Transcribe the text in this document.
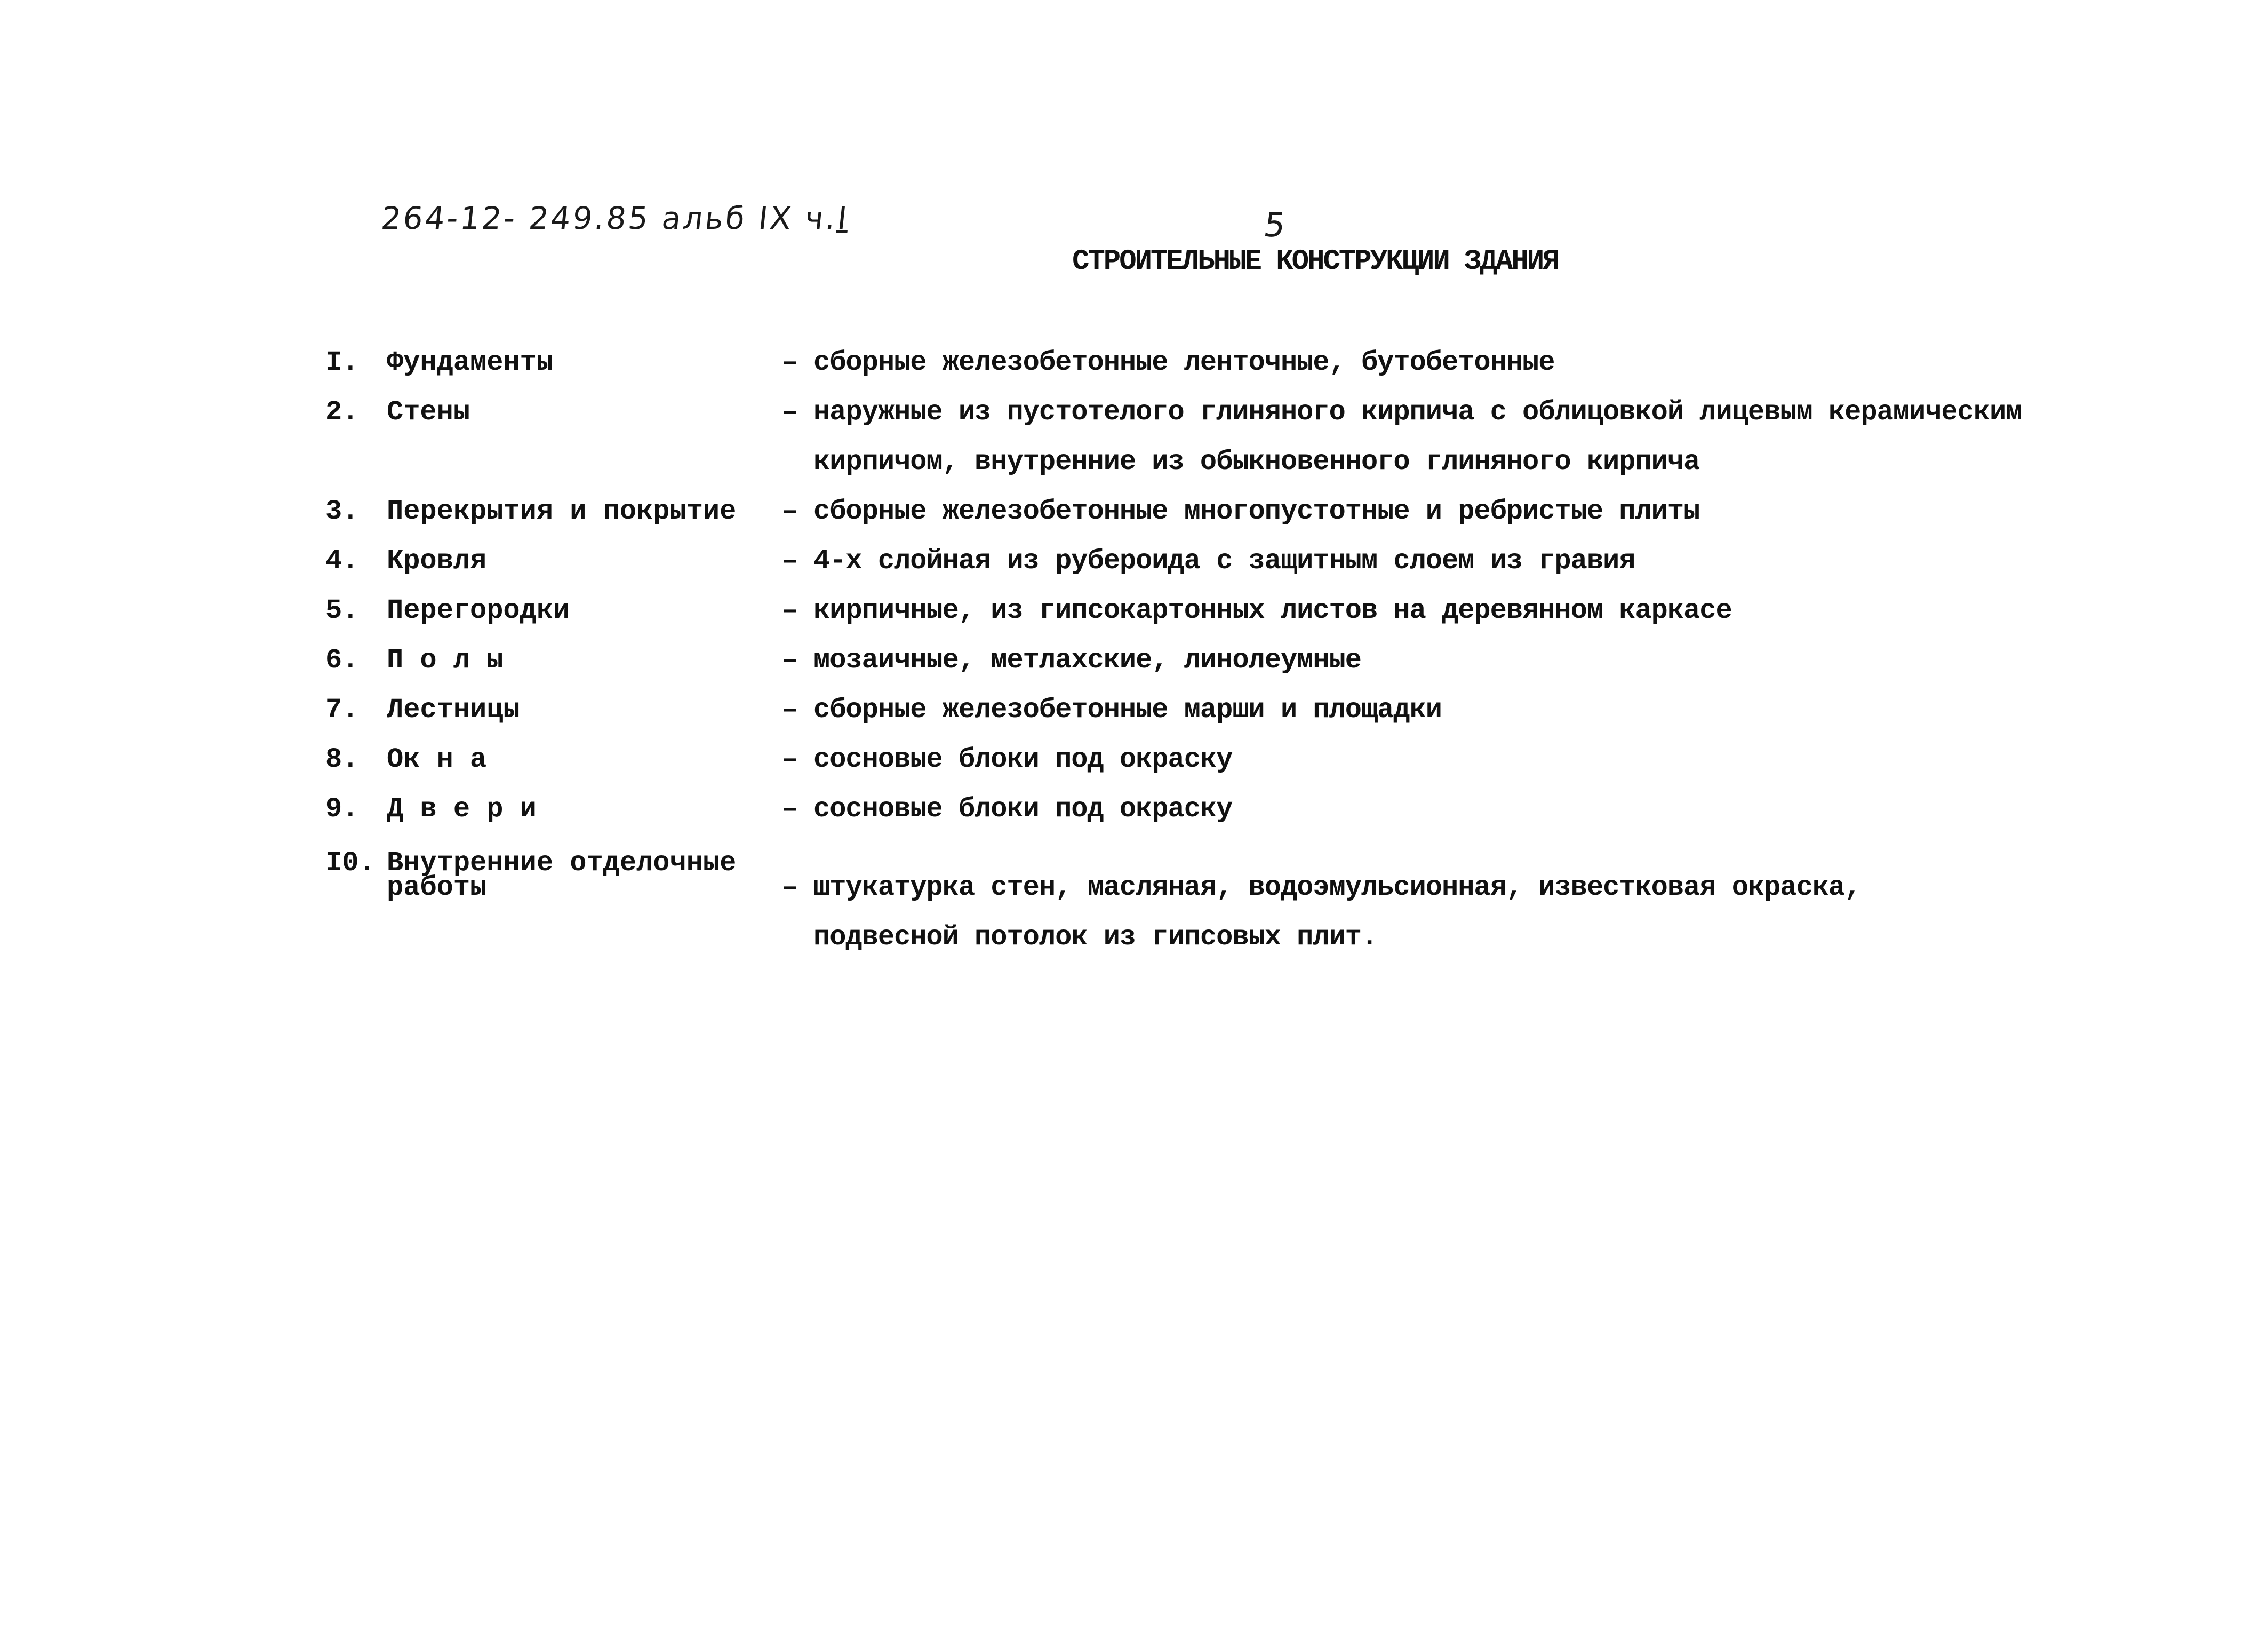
264-12- 249.85 альб IX ч.I	5
СТРОИТЕЛЬНЫЕ КОНСТРУКЦИИ ЗДАНИЯ
I. Фундаменты	– сборные железобетонные ленточные, бутобетонные
2. Стены	– наружные из пустотелого глиняного кирпича с облицовкой лицевым керамическим
кирпичом, внутренние из обыкновенного глиняного кирпича
3. Перекрытия и покрытие – сборные железобетонные многопустотные и ребристые плиты
4. Кровля	– 4-х слойная из рубероида с защитным слоем из гравия
5. Перегородки	– кирпичные, из гипсокартонных листов на деревянном каркасе
6. П о л ы	– мозаичные, метлахские, линолеумные
7. Лестницы	– сборные железобетонные марши и площадки
8. Ок н а	– сосновые блоки под окраску
9. Д в е р и	– сосновые блоки под окраску
I0. Внутренние отделочные
работы	– штукатурка стен, масляная, водоэмульсионная, известковая окраска,
подвесной потолок из гипсовых плит.
